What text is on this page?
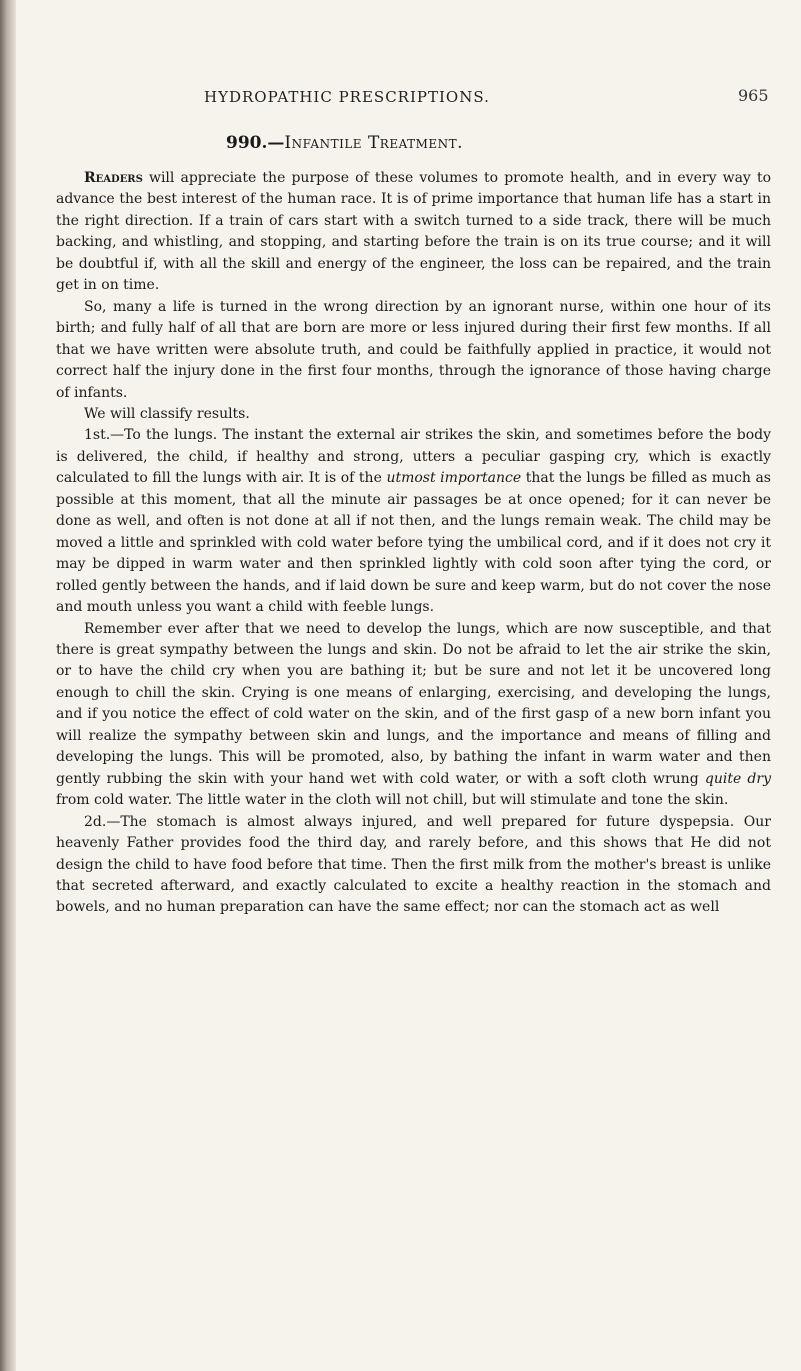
HYDROPATHIC PRESCRIPTIONS.	965
990.—Infantile Treatment.

Readers will appreciate the purpose of these volumes to promote health, and in every way to advance the best interest of the human race. It is of prime importance that human life has a start in the right direction. If a train of cars start with a switch turned to a side track, there will be much backing, and whistling, and stopping, and starting before the train is on its true course; and it will be doubtful if, with all the skill and energy of the engineer, the loss can be repaired, and the train get in on time.

So, many a life is turned in the wrong direction by an ignorant nurse, within one hour of its birth; and fully half of all that are born are more or less injured during their first few months. If all that we have written were absolute truth, and could be faithfully applied in practice, it would not correct half the injury done in the first four months, through the ignorance of those having charge of infants.

We will classify results.

1st.—To the lungs. The instant the external air strikes the skin, and sometimes before the body is delivered, the child, if healthy and strong, utters a peculiar gasping cry, which is exactly calculated to fill the lungs with air. It is of the utmost importance that the lungs be filled as much as possible at this moment, that all the minute air passages be at once opened; for it can never be done as well, and often is not done at all if not then, and the lungs remain weak. The child may be moved a little and sprinkled with cold water before tying the umbilical cord, and if it does not cry it may be dipped in warm water and then sprinkled lightly with cold soon after tying the cord, or rolled gently between the hands, and if laid down be sure and keep warm, but do not cover the nose and mouth unless you want a child with feeble lungs.

Remember ever after that we need to develop the lungs, which are now susceptible, and that there is great sympathy between the lungs and skin. Do not be afraid to let the air strike the skin, or to have the child cry when you are bathing it; but be sure and not let it be uncovered long enough to chill the skin. Crying is one means of enlarging, exercising, and developing the lungs, and if you notice the effect of cold water on the skin, and of the first gasp of a new born infant you will realize the sympathy between skin and lungs, and the importance and means of filling and developing the lungs. This will be promoted, also, by bathing the infant in warm water and then gently rubbing the skin with your hand wet with cold water, or with a soft cloth wrung quite dry from cold water. The little water in the cloth will not chill, but will stimulate and tone the skin.

2d.—The stomach is almost always injured, and well prepared for future dyspepsia. Our heavenly Father provides food the third day, and rarely before, and this shows that He did not design the child to have food before that time. Then the first milk from the mother's breast is unlike that secreted afterward, and exactly calculated to excite a healthy reaction in the stomach and bowels, and no human preparation can have the same effect; nor can the stomach act as well
